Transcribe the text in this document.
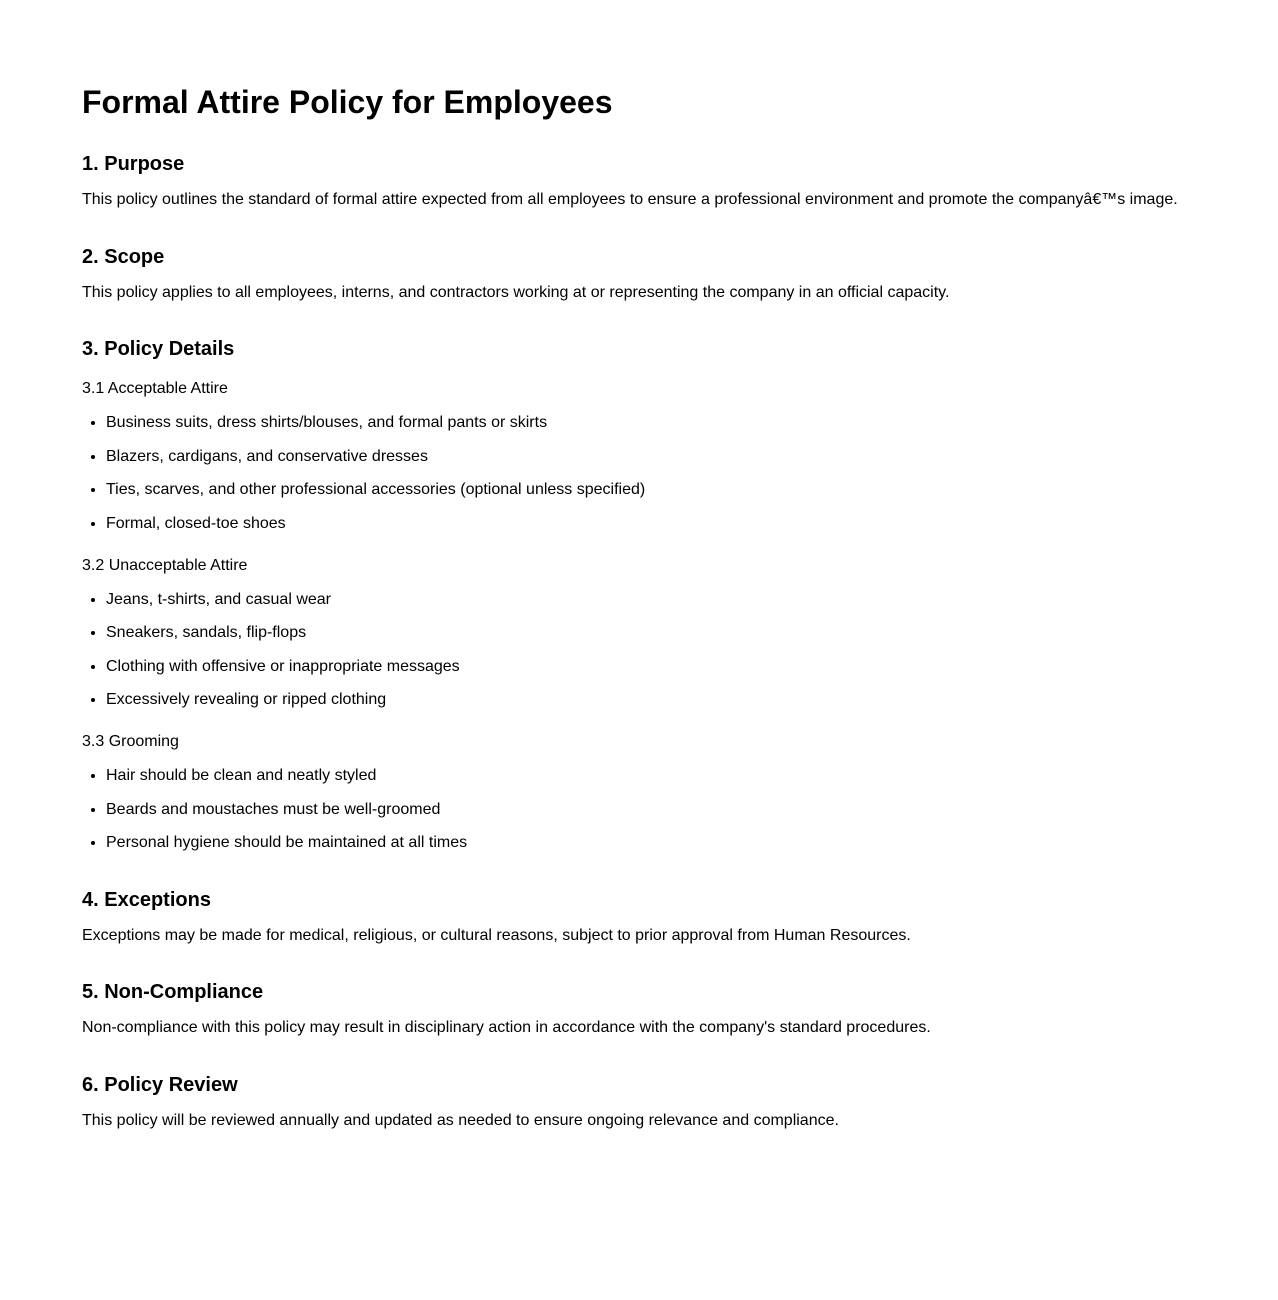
Formal Attire Policy for Employees
1. Purpose

This policy outlines the standard of formal attire expected from all employees to ensure a professional environment and promote the companyâ€™s image.

2. Scope

This policy applies to all employees, interns, and contractors working at or representing the company in an official capacity.

3. Policy Details
3.1 Acceptable Attire
• Business suits, dress shirts/blouses, and formal pants or skirts
• Blazers, cardigans, and conservative dresses
• Ties, scarves, and other professional accessories (optional unless specified)
• Formal, closed-toe shoes
3.2 Unacceptable Attire
• Jeans, t-shirts, and casual wear
• Sneakers, sandals, flip-flops
• Clothing with offensive or inappropriate messages
• Excessively revealing or ripped clothing
3.3 Grooming
• Hair should be clean and neatly styled
• Beards and moustaches must be well-groomed
• Personal hygiene should be maintained at all times
4. Exceptions

Exceptions may be made for medical, religious, or cultural reasons, subject to prior approval from Human Resources.

5. Non-Compliance

Non-compliance with this policy may result in disciplinary action in accordance with the company's standard procedures.

6. Policy Review

This policy will be reviewed annually and updated as needed to ensure ongoing relevance and compliance.
